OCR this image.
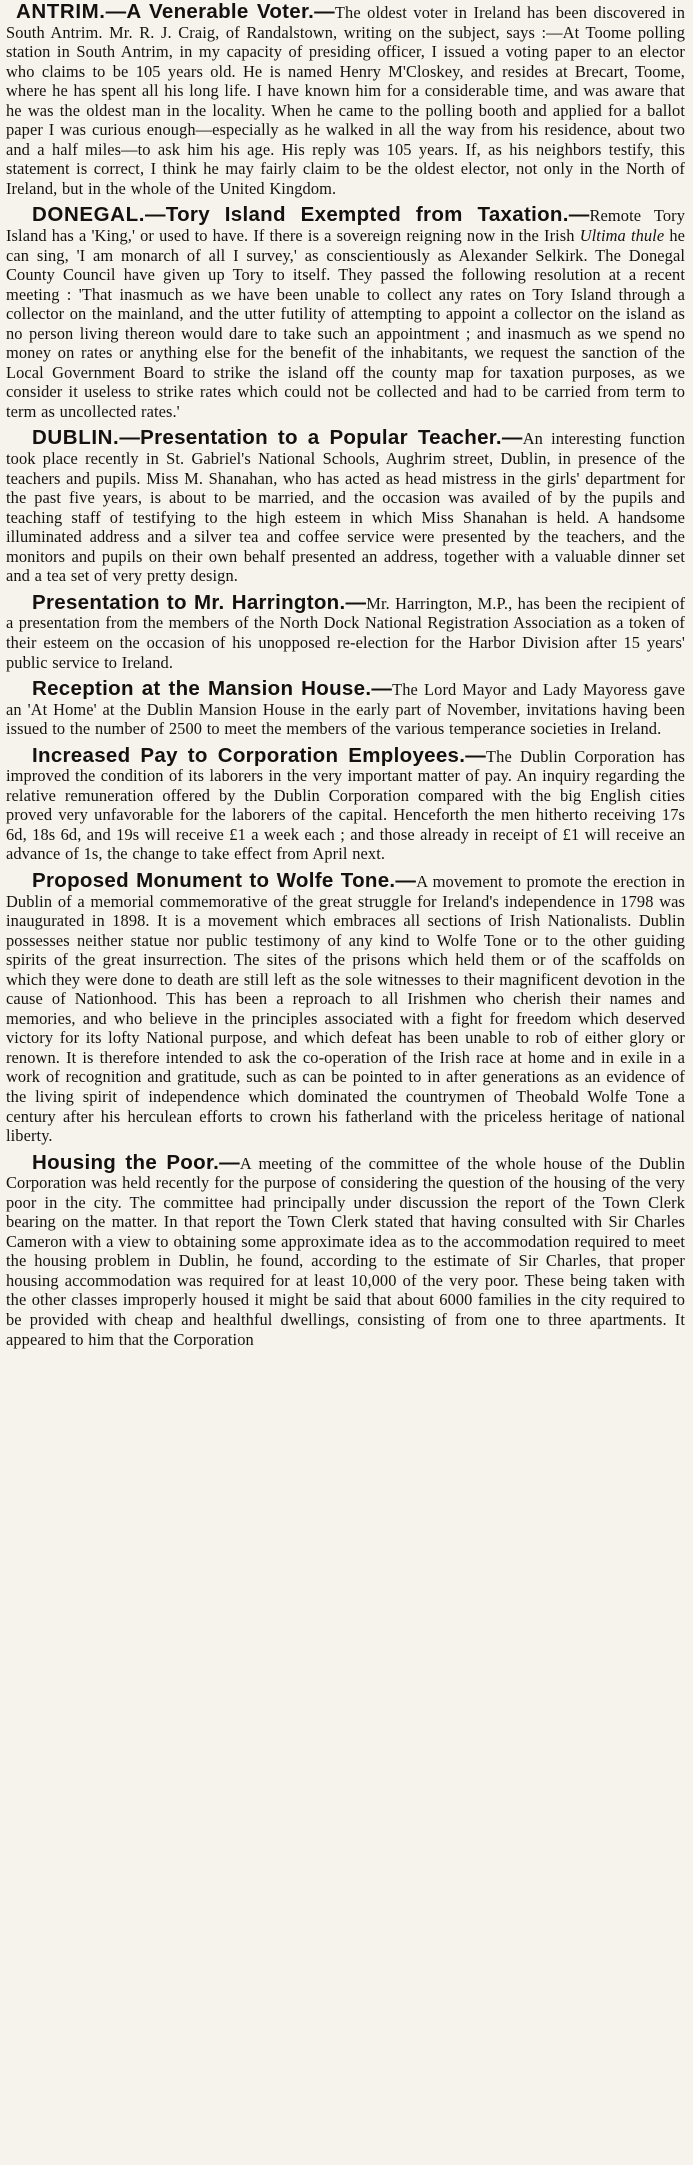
ANTRIM.—A Venerable Voter.—The oldest voter in Ireland has been discovered in South Antrim. Mr. R. J. Craig, of Randalstown, writing on the subject, says :—At Toome polling station in South Antrim, in my capacity of presiding officer, I issued a voting paper to an elector who claims to be 105 years old. He is named Henry M'Closkey, and resides at Brecart, Toome, where he has spent all his long life. I have known him for a considerable time, and was aware that he was the oldest man in the locality. When he came to the polling booth and applied for a ballot paper I was curious enough—especially as he walked in all the way from his residence, about two and a half miles—to ask him his age. His reply was 105 years. If, as his neighbors testify, this statement is correct, I think he may fairly claim to be the oldest elector, not only in the North of Ireland, but in the whole of the United Kingdom.

DONEGAL.—Tory Island Exempted from Taxation.—Remote Tory Island has a 'King,' or used to have. If there is a sovereign reigning now in the Irish Ultima thule he can sing, 'I am monarch of all I survey,' as conscientiously as Alexander Selkirk. The Donegal County Council have given up Tory to itself. They passed the following resolution at a recent meeting : 'That inasmuch as we have been unable to collect any rates on Tory Island through a collector on the mainland, and the utter futility of attempting to appoint a collector on the island as no person living thereon would dare to take such an appointment ; and inasmuch as we spend no money on rates or anything else for the benefit of the inhabitants, we request the sanction of the Local Government Board to strike the island off the county map for taxation purposes, as we consider it useless to strike rates which could not be collected and had to be carried from term to term as uncollected rates.'

DUBLIN.—Presentation to a Popular Teacher.—An interesting function took place recently in St. Gabriel's National Schools, Aughrim street, Dublin, in presence of the teachers and pupils. Miss M. Shanahan, who has acted as head mistress in the girls' department for the past five years, is about to be married, and the occasion was availed of by the pupils and teaching staff of testifying to the high esteem in which Miss Shanahan is held. A handsome illuminated address and a silver tea and coffee service were presented by the teachers, and the monitors and pupils on their own behalf presented an address, together with a valuable dinner set and a tea set of very pretty design.

Presentation to Mr. Harrington.—Mr. Harrington, M.P., has been the recipient of a presentation from the members of the North Dock National Registration Association as a token of their esteem on the occasion of his unopposed re-election for the Harbor Division after 15 years' public service to Ireland.

Reception at the Mansion House.—The Lord Mayor and Lady Mayoress gave an 'At Home' at the Dublin Mansion House in the early part of November, invitations having been issued to the number of 2500 to meet the members of the various temperance societies in Ireland.

Increased Pay to Corporation Employees.—The Dublin Corporation has improved the condition of its laborers in the very important matter of pay. An inquiry regarding the relative remuneration offered by the Dublin Corporation compared with the big English cities proved very unfavorable for the laborers of the capital. Henceforth the men hitherto receiving 17s 6d, 18s 6d, and 19s will receive £1 a week each ; and those already in receipt of £1 will receive an advance of 1s, the change to take effect from April next.

Proposed Monument to Wolfe Tone.—A movement to promote the erection in Dublin of a memorial commemorative of the great struggle for Ireland's independence in 1798 was inaugurated in 1898. It is a movement which embraces all sections of Irish Nationalists. Dublin possesses neither statue nor public testimony of any kind to Wolfe Tone or to the other guiding spirits of the great insurrection. The sites of the prisons which held them or of the scaffolds on which they were done to death are still left as the sole witnesses to their magnificent devotion in the cause of Nationhood. This has been a reproach to all Irishmen who cherish their names and memories, and who believe in the principles associated with a fight for freedom which deserved victory for its lofty National purpose, and which defeat has been unable to rob of either glory or renown. It is therefore intended to ask the co-operation of the Irish race at home and in exile in a work of recognition and gratitude, such as can be pointed to in after generations as an evidence of the living spirit of independence which dominated the countrymen of Theobald Wolfe Tone a century after his herculean efforts to crown his fatherland with the priceless heritage of national liberty.

Housing the Poor.—A meeting of the committee of the whole house of the Dublin Corporation was held recently for the purpose of considering the question of the housing of the very poor in the city. The committee had principally under discussion the report of the Town Clerk bearing on the matter. In that report the Town Clerk stated that having consulted with Sir Charles Cameron with a view to obtaining some approximate idea as to the accommodation required to meet the housing problem in Dublin, he found, according to the estimate of Sir Charles, that proper housing accommodation was required for at least 10,000 of the very poor. These being taken with the other classes improperly housed it might be said that about 6000 families in the city required to be provided with cheap and healthful dwellings, consisting of from one to three apartments. It appeared to him that the Corporation
